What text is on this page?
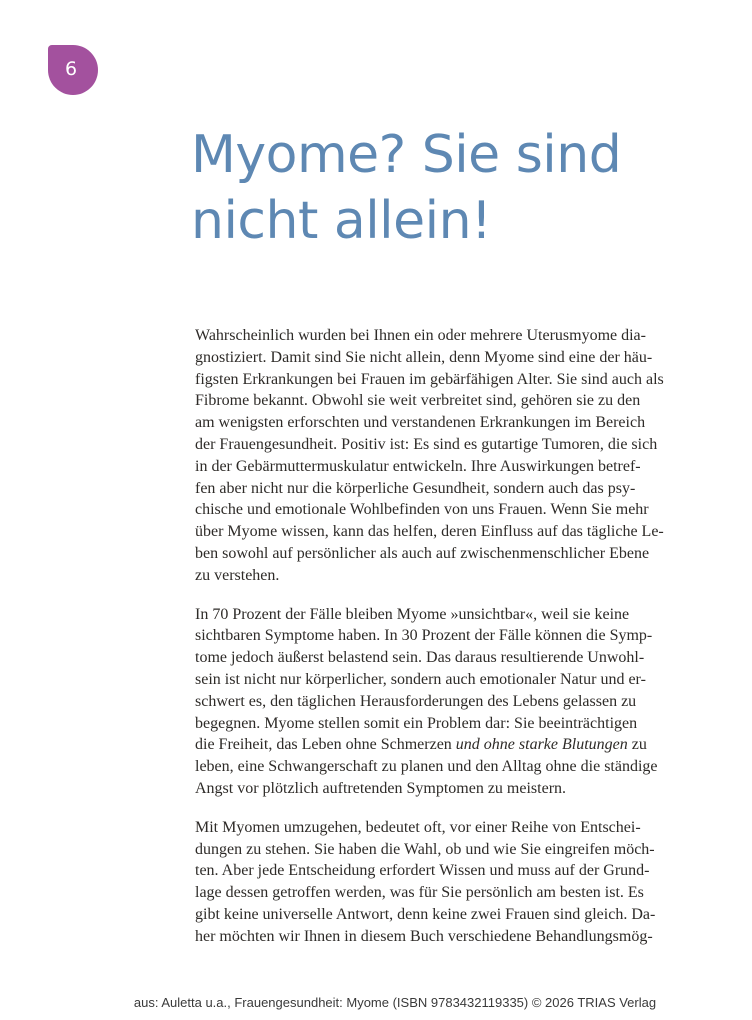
6
Myome? Sie sind
nicht allein!

Wahrscheinlich wurden bei Ihnen ein oder mehrere Uterusmyome dia-
gnostiziert. Damit sind Sie nicht allein, denn Myome sind eine der häu-
figsten Erkrankungen bei Frauen im gebärfähigen Alter. Sie sind auch als
Fibrome bekannt. Obwohl sie weit verbreitet sind, gehören sie zu den
am wenigsten erforschten und verstandenen Erkrankungen im Bereich
der Frauengesundheit. Positiv ist: Es sind es gutartige Tumoren, die sich
in der Gebärmuttermuskulatur entwickeln. Ihre Auswirkungen betref-
fen aber nicht nur die körperliche Gesundheit, sondern auch das psy-
chische und emotionale Wohlbefinden von uns Frauen. Wenn Sie mehr
über Myome wissen, kann das helfen, deren Einfluss auf das tägliche Le-
ben sowohl auf persönlicher als auch auf zwischenmenschlicher Ebene
zu verstehen.

In 70 Prozent der Fälle bleiben Myome »unsichtbar«, weil sie keine
sichtbaren Symptome haben. In 30 Prozent der Fälle können die Symp-
tome jedoch äußerst belastend sein. Das daraus resultierende Unwohl-
sein ist nicht nur körperlicher, sondern auch emotionaler Natur und er-
schwert es, den täglichen Herausforderungen des Lebens gelassen zu
begegnen. Myome stellen somit ein Problem dar: Sie beeinträchtigen
die Freiheit, das Leben ohne Schmerzen und ohne starke Blutungen zu
leben, eine Schwangerschaft zu planen und den Alltag ohne die ständige
Angst vor plötzlich auftretenden Symptomen zu meistern.

Mit Myomen umzugehen, bedeutet oft, vor einer Reihe von Entschei-
dungen zu stehen. Sie haben die Wahl, ob und wie Sie eingreifen möch-
ten. Aber jede Entscheidung erfordert Wissen und muss auf der Grund-
lage dessen getroffen werden, was für Sie persönlich am besten ist. Es
gibt keine universelle Antwort, denn keine zwei Frauen sind gleich. Da-
her möchten wir Ihnen in diesem Buch verschiedene Behandlungsmög-

aus: Auletta u.a., Frauengesundheit: Myome (ISBN 9783432119335) © 2026 TRIAS Verlag
